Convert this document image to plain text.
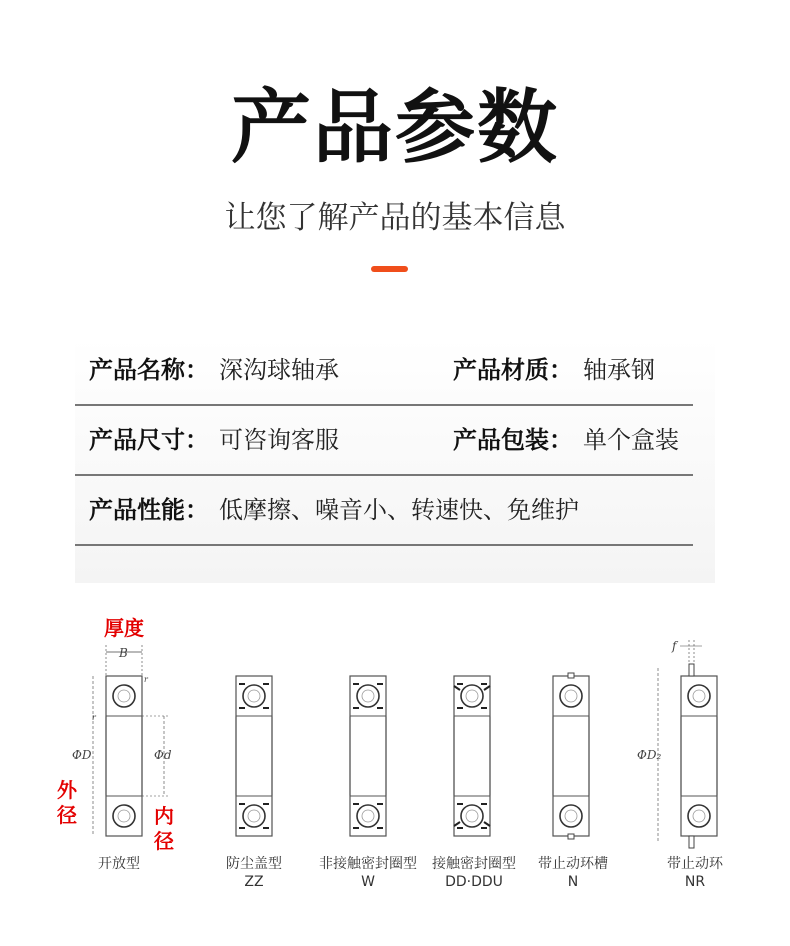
产品参数
让您了解产品的基本信息
产品名称： 深沟球轴承	产品材质： 轴承钢
产品尺寸： 可咨询客服	产品包装： 单个盒装
产品性能： 低摩擦、噪音小、转速快、免维护
厚度
外
径	内
径
B
r
r
ΦD	Φd
f
ΦD₂
开放型	防尘盖型
ZZ
非接触密封圈型
W
接触密封圈型
DD·DDU
带止动环槽
N
带止动环
NR
